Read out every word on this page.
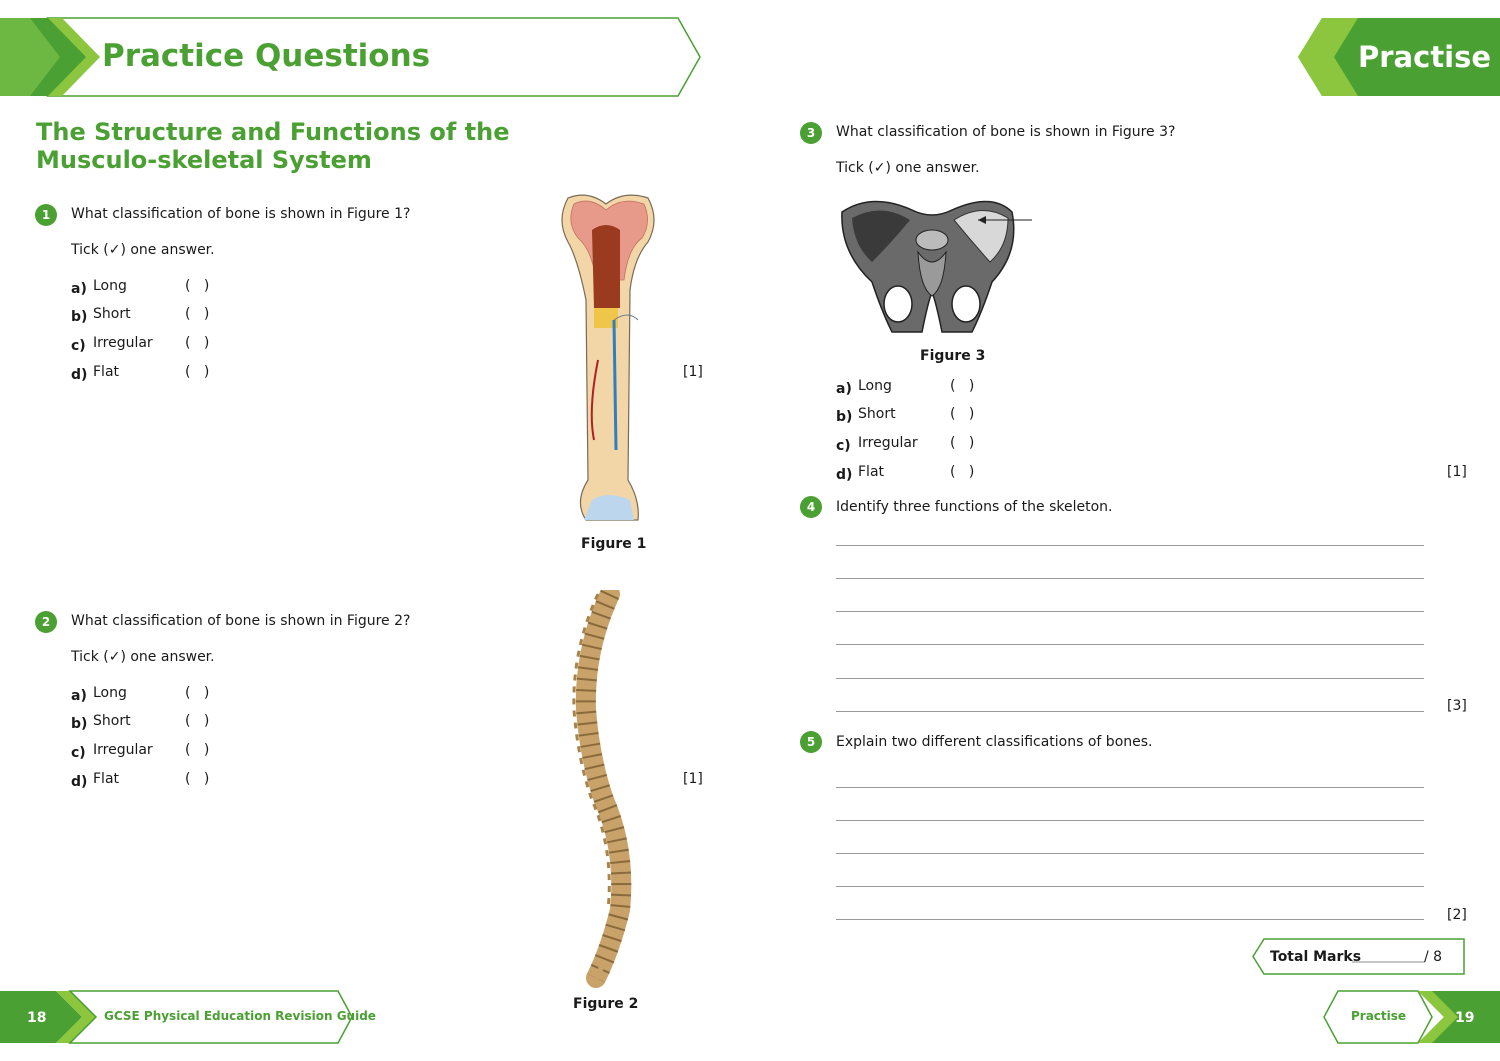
Practice Questions	Practise
The Structure and Functions of the
Musculo-skeletal System
1	What classification of bone is shown in Figure 1?
Tick (✓) one answer.
a) Long	(   )
b) Short	(   )
c) Irregular	(   )
d) Flat	(   )	[1]
Figure 1
2	What classification of bone is shown in Figure 2?
Tick (✓) one answer.
a) Long	(   )
b) Short	(   )
c) Irregular	(   )
d) Flat	(   )	[1]
Figure 2
3	What classification of bone is shown in Figure 3?
Tick (✓) one answer.
Figure 3
a) Long	(   )
b) Short	(   )
c) Irregular	(   )
d) Flat	(   )	[1]
4	Identify three functions of the skeleton.
[3]
5	Explain two different classifications of bones.
[2]
Total Marks	/ 8
18	GCSE Physical Education Revision Guide	Practise	19
